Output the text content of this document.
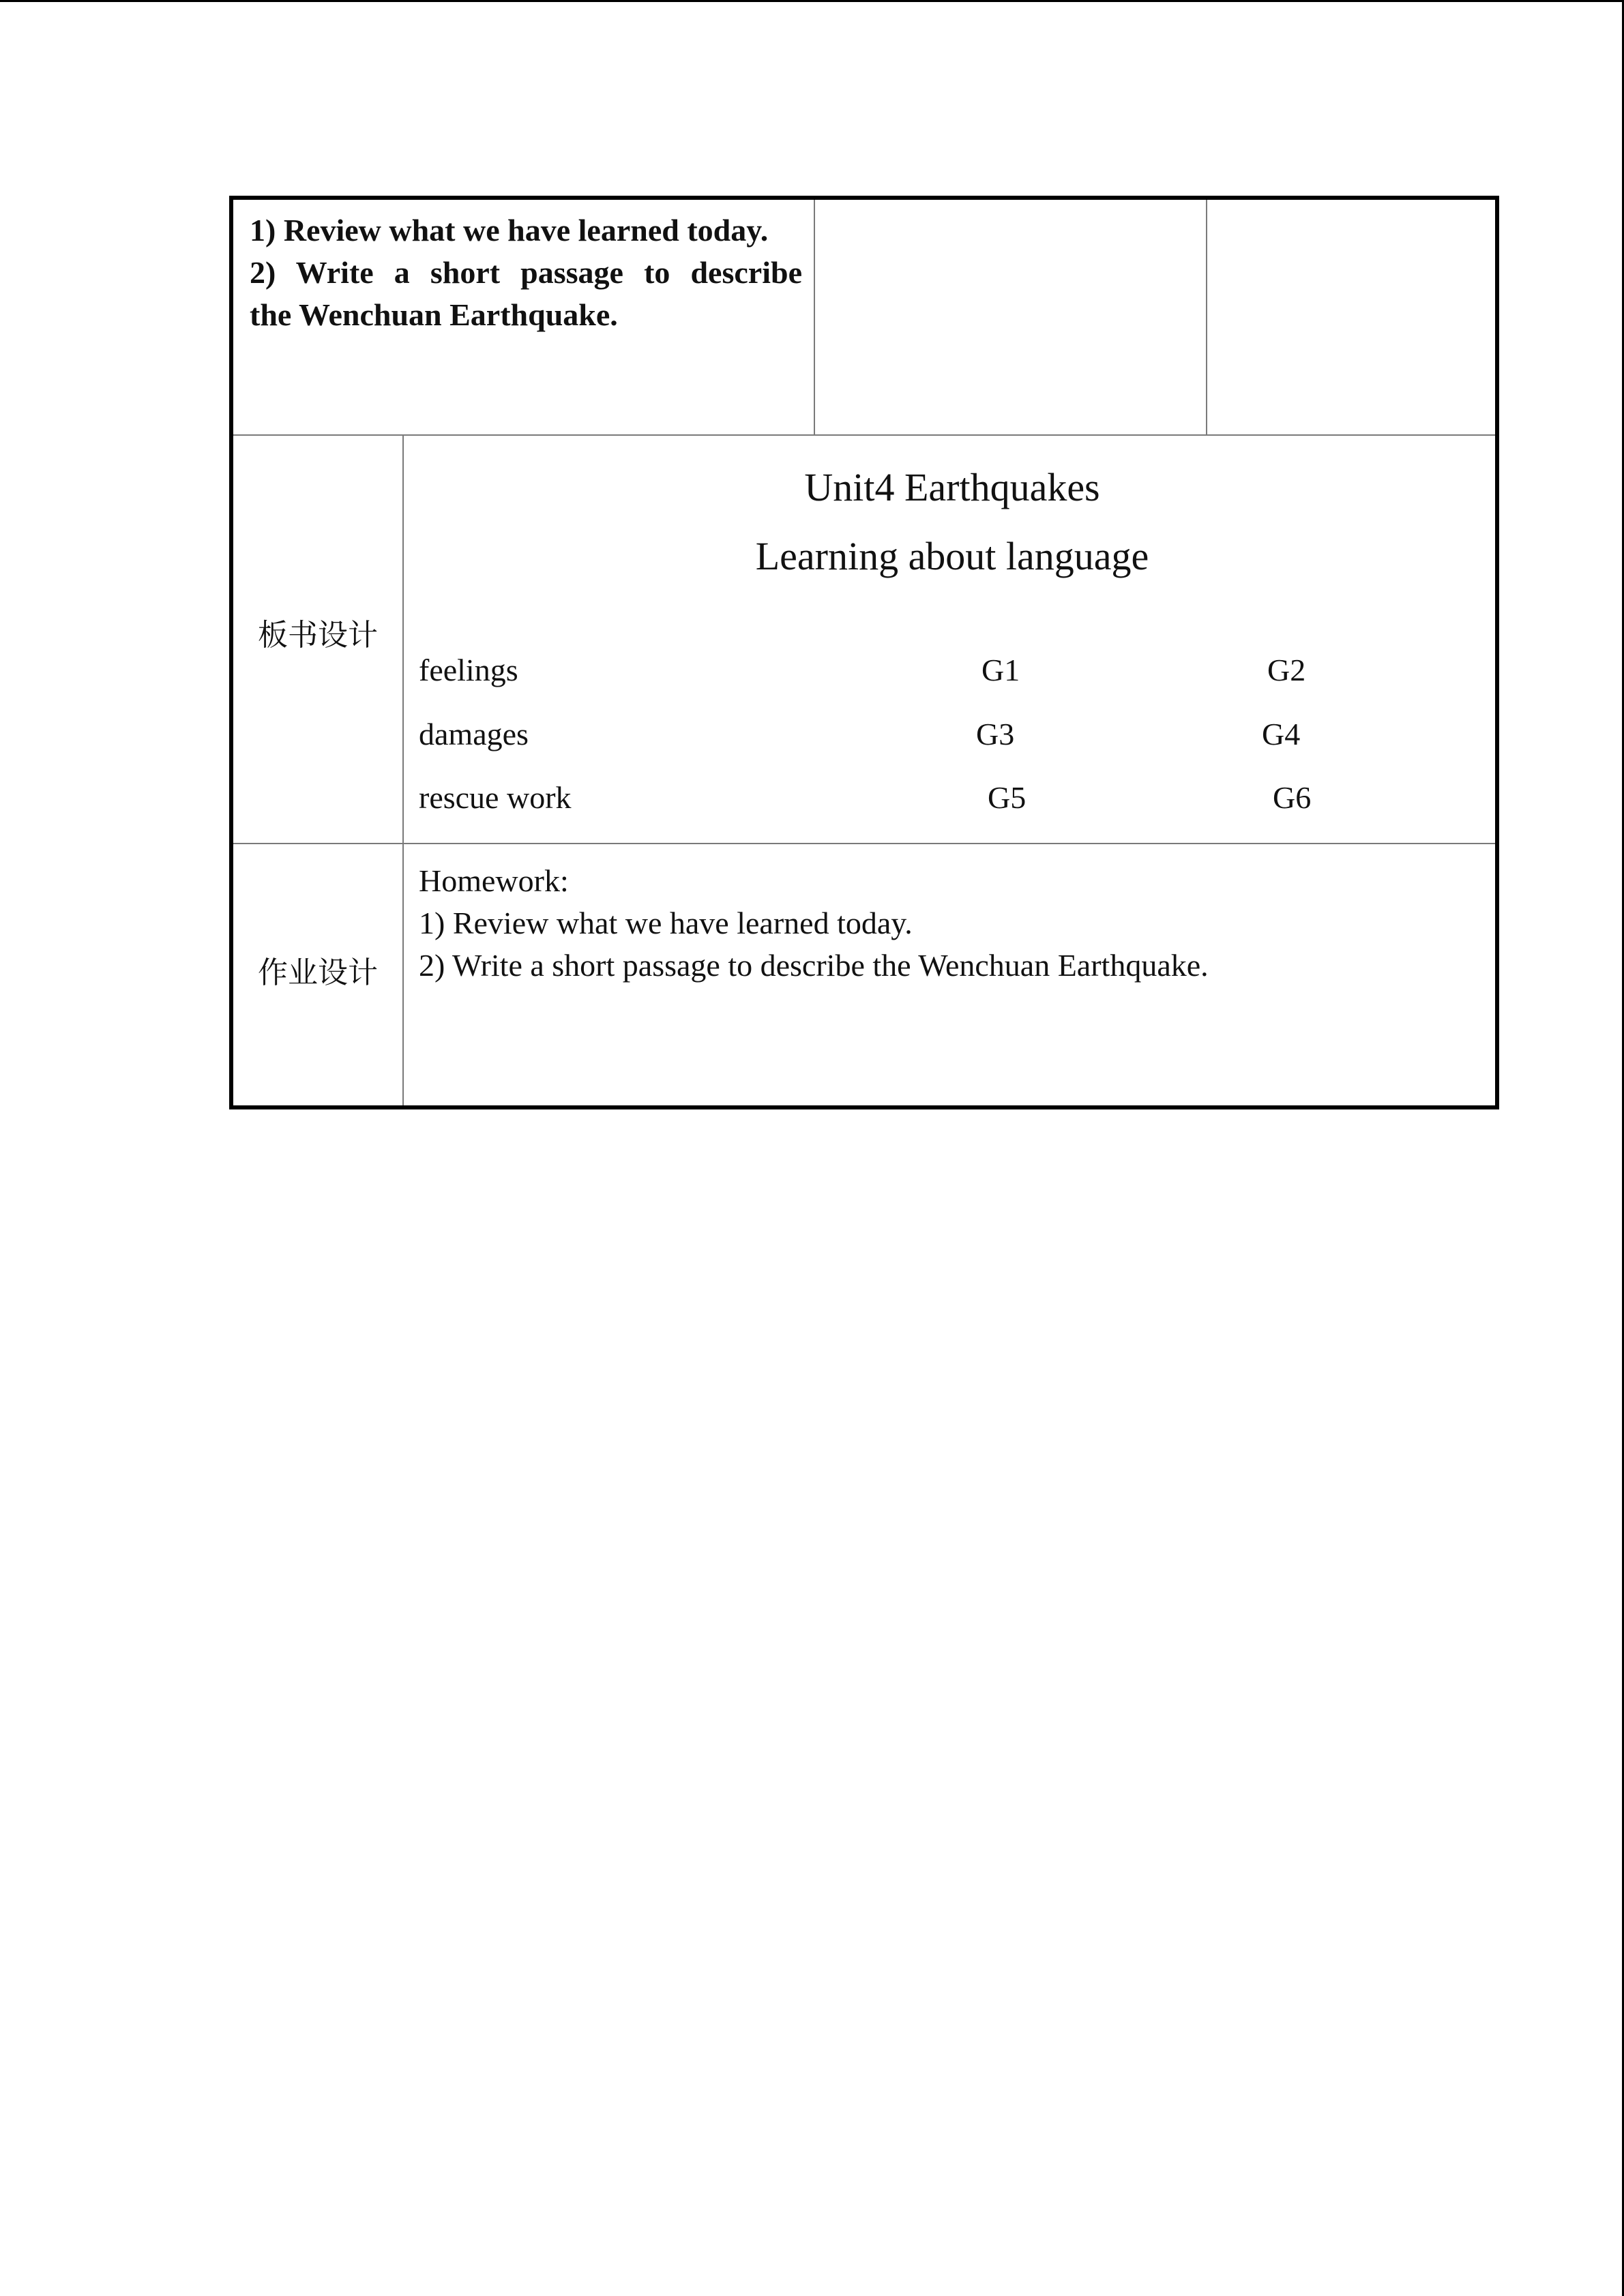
1) Review what we have learned today.
2) Write a short passage to describe
the Wenchuan Earthquake.
板书设计
Unit4 Earthquakes
Learning about language
feelings	G1	G2
damages	G3	G4
rescue work	G5	G6
作业设计
Homework:
1) Review what we have learned today.
2) Write a short passage to describe the Wenchuan Earthquake.
